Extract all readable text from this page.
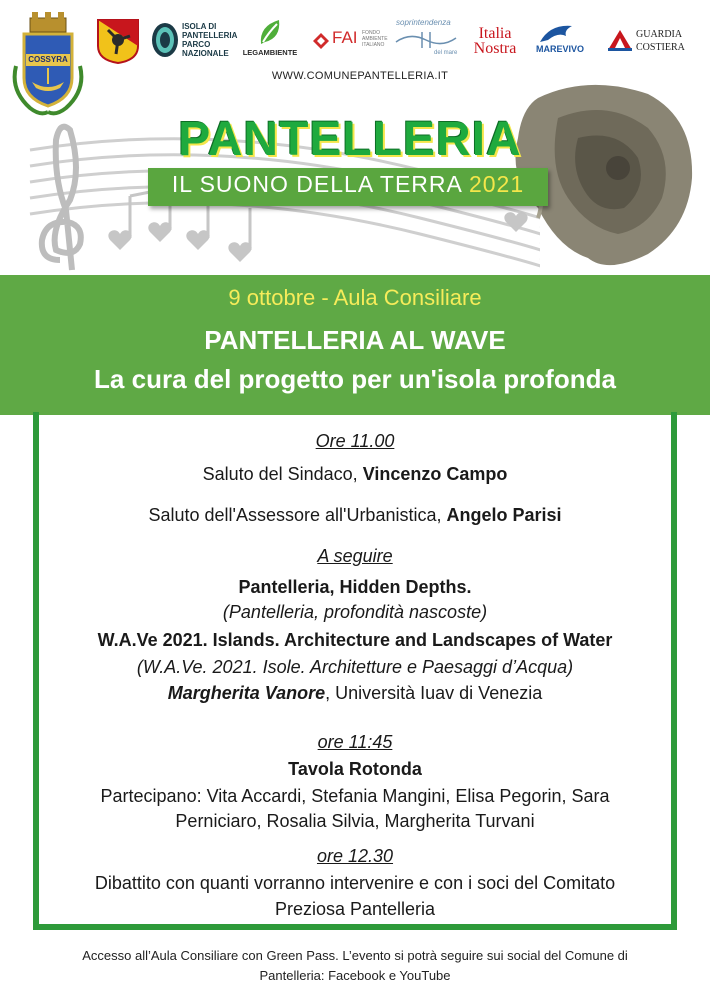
COSSYRA
ISOLA DI PANTELLERIA PARCO NAZIONALE	LEGAMBIENTE
FAI FONDO AMBIENTE ITALIANO
soprintendenza
del mare
Italia
Nostra	MAREVIVO
GUARDIA
COSTIERA
WWW.COMUNEPANTELLERIA.IT
PANTELLERIA
IL SUONO DELLA TERRA 2021
9 ottobre - Aula Consiliare
PANTELLERIA AL WAVE
La cura del progetto per un'isola profonda
Ore 11.00
Saluto del Sindaco, Vincenzo Campo
Saluto dell'Assessore all'Urbanistica, Angelo Parisi
A seguire
Pantelleria, Hidden Depths.
(Pantelleria, profondità nascoste)
W.A.Ve 2021. Islands. Architecture and Landscapes of Water
(W.A.Ve. 2021. Isole. Architetture e Paesaggi d’Acqua)
Margherita Vanore, Università Iuav di Venezia
ore 11:45
Tavola Rotonda
Partecipano: Vita Accardi, Stefania Mangini, Elisa Pegorin, Sara
Perniciaro, Rosalia Silvia, Margherita Turvani
ore 12.30
Dibattito con quanti vorranno intervenire e con i soci del Comitato
Preziosa Pantelleria
Accesso all’Aula Consiliare con Green Pass. L’evento si potrà seguire sui social del Comune di
Pantelleria: Facebook e YouTube
